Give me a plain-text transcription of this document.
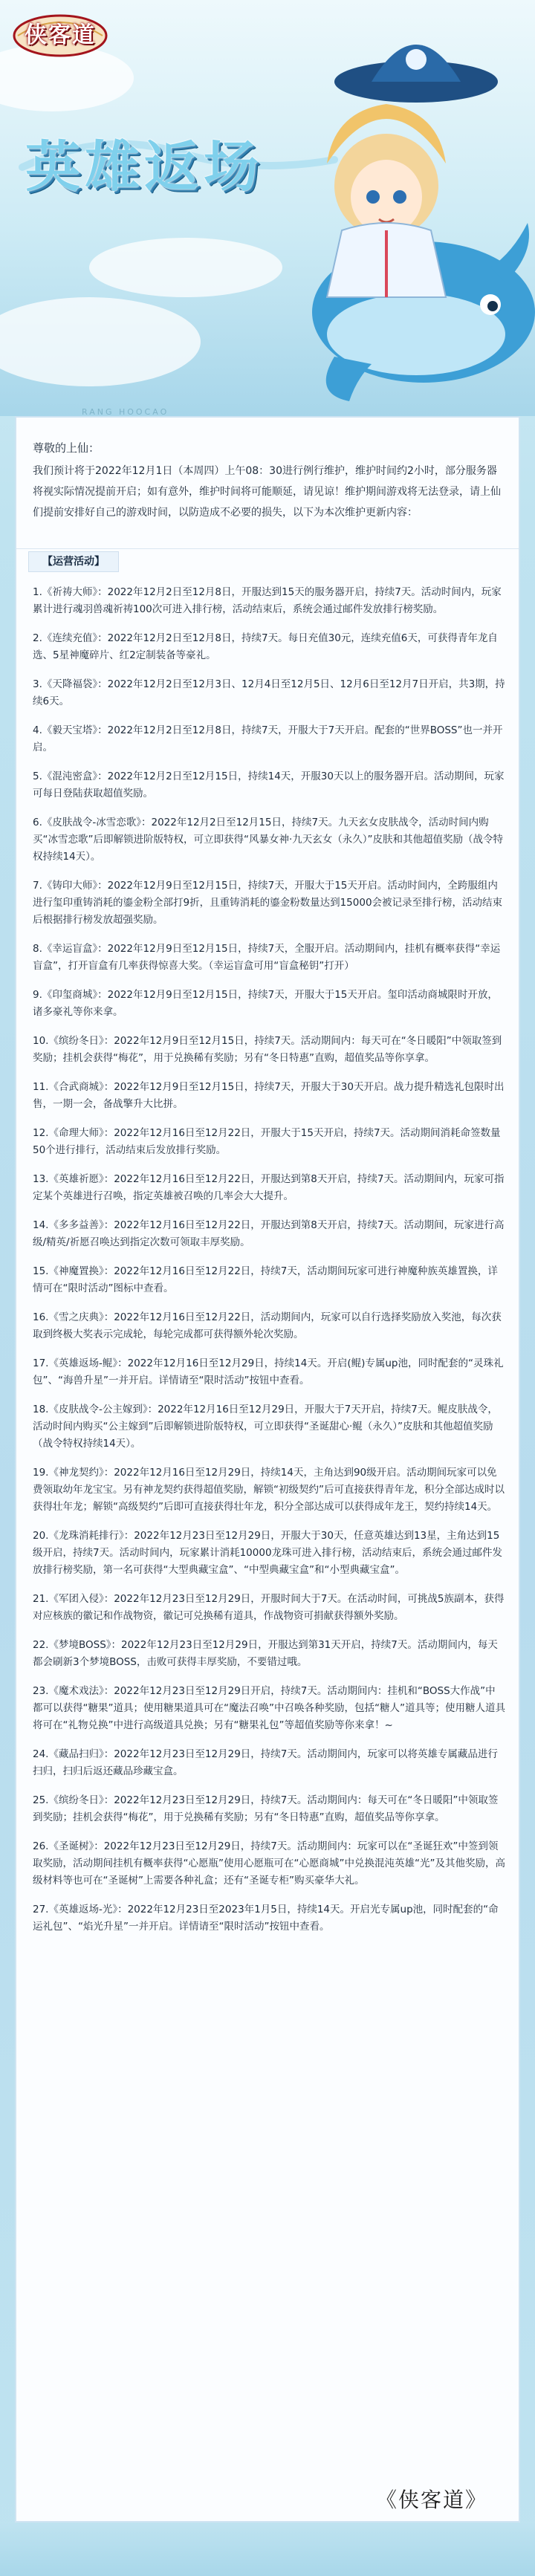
侠客道
英雄返场
RANG HOOCAO
尊敬的上仙：
我们预计将于2022年12月1日（本周四）上午08：30进行例行维护，维护时间约2小时，部分服务器将视实际情况提前开启；如有意外，维护时间将可能顺延，请见谅！维护期间游戏将无法登录，请上仙们提前安排好自己的游戏时间，以防造成不必要的损失，以下为本次维护更新内容：
【运营活动】
1.《祈祷大师》：2022年12月2日至12月8日，开服达到15天的服务器开启，持续7天。活动时间内，玩家累计进行魂羽兽魂祈祷100次可进入排行榜，活动结束后，系统会通过邮件发放排行榜奖励。
2.《连续充值》：2022年12月2日至12月8日，持续7天。每日充值30元，连续充值6天，可获得青年龙自选、5星神魔碎片、红2定制装备等豪礼。
3.《天降福袋》：2022年12月2日至12月3日、12月4日至12月5日、12月6日至12月7日开启，共3期，持续6天。
4.《毅天宝塔》：2022年12月2日至12月8日，持续7天，开服大于7天开启。配套的“世界BOSS”也一并开启。
5.《混沌密盒》：2022年12月2日至12月15日，持续14天，开服30天以上的服务器开启。活动期间，玩家可每日登陆获取超值奖励。
6.《皮肤战令-冰雪恋歌》：2022年12月2日至12月15日，持续7天。九天玄女皮肤战令，活动时间内购买“冰雪恋歌”后即解锁进阶版特权，可立即获得“风暴女神·九天玄女（永久）”皮肤和其他超值奖励（战令特权持续14天）。
7.《铸印大师》：2022年12月9日至12月15日，持续7天，开服大于15天开启。活动时间内，全跨服组内进行玺印重铸消耗的鎏金粉全部打9折，且重铸消耗的鎏金粉数量达到15000会被记录至排行榜，活动结束后根据排行榜发放超强奖励。
8.《幸运盲盒》：2022年12月9日至12月15日，持续7天，全服开启。活动期间内，挂机有概率获得“幸运盲盒”，打开盲盒有几率获得惊喜大奖。（幸运盲盒可用“盲盒秘钥”打开）
9.《印玺商城》：2022年12月9日至12月15日，持续7天，开服大于15天开启。玺印活动商城限时开放，诸多豪礼等你来拿。
10.《缤纷冬日》：2022年12月9日至12月15日，持续7天。活动期间内：每天可在“冬日暖阳”中领取签到奖励；挂机会获得“梅花”，用于兑换稀有奖励；另有“冬日特惠”直购，超值奖品等你享拿。
11.《合武商城》：2022年12月9日至12月15日，持续7天，开服大于30天开启。战力提升精选礼包限时出售，一期一会，备战擎升大比拼。
12.《命理大师》：2022年12月16日至12月22日，开服大于15天开启，持续7天。活动期间消耗命签数量50个进行排行，活动结束后发放排行奖励。
13.《英雄祈愿》：2022年12月16日至12月22日，开服达到第8天开启，持续7天。活动期间内，玩家可指定某个英雄进行召唤，指定英雄被召唤的几率会大大提升。
14.《多多益善》：2022年12月16日至12月22日，开服达到第8天开启，持续7天。活动期间，玩家进行高级/精英/祈愿召唤达到指定次数可领取丰厚奖励。
15.《神魔置换》：2022年12月16日至12月22日，持续7天，活动期间玩家可进行神魔种族英雄置换，详情可在“限时活动”图标中查看。
16.《雪之庆典》：2022年12月16日至12月22日，活动期间内，玩家可以自行选择奖励放入奖池，每次获取到终极大奖表示完成轮，每轮完成都可获得额外轮次奖励。
17.《英雄返场-鲲》：2022年12月16日至12月29日，持续14天。开启(鲲)专属up池，同时配套的“灵珠礼包”、“海兽升星”一并开启。详情请至“限时活动”按钮中查看。
18.《皮肤战令-公主嫁到》：2022年12月16日至12月29日，开服大于7天开启，持续7天。鲲皮肤战令，活动时间内购买“公主嫁到”后即解锁进阶版特权，可立即获得“圣诞甜心·鲲（永久）”皮肤和其他超值奖励（战令特权持续14天）。
19.《神龙契约》：2022年12月16日至12月29日，持续14天，主角达到90级开启。活动期间玩家可以免费领取幼年龙宝宝。另有神龙契约获得超值奖励，解锁“初级契约”后可直接获得青年龙，积分全部达成时以获得壮年龙；解锁“高级契约”后即可直接获得壮年龙，积分全部达成可以获得成年龙王，契约持续14天。
20.《龙珠消耗排行》：2022年12月23日至12月29日，开服大于30天，任意英雄达到13星，主角达到15级开启，持续7天。活动时间内，玩家累计消耗10000龙珠可进入排行榜，活动结束后，系统会通过邮件发放排行榜奖励，第一名可获得“大型典藏宝盒”、“中型典藏宝盒”和“小型典藏宝盒”。
21.《军团入侵》：2022年12月23日至12月29日，开服时间大于7天。在活动时间，可挑战5族副本，获得对应核族的徽记和作战物资，徽记可兑换稀有道具，作战物资可捐献获得额外奖励。
22.《梦境BOSS》：2022年12月23日至12月29日，开服达到第31天开启，持续7天。活动期间内，每天都会刷新3个梦境BOSS，击败可获得丰厚奖励，不要错过哦。
23.《魔术戏法》：2022年12月23日至12月29日开启，持续7天。活动期间内：挂机和“BOSS大作战”中都可以获得“糖果”道具；使用糖果道具可在“魔法召唤”中召唤各种奖励，包括“糖人”道具等；使用糖人道具将可在“礼物兑换”中进行高级道具兑换；另有“糖果礼包”等超值奖励等你来拿！~
24.《藏品扫归》：2022年12月23日至12月29日，持续7天。活动期间内，玩家可以将英雄专属藏品进行扫归，扫归后返还藏品珍藏宝盒。
25.《缤纷冬日》：2022年12月23日至12月29日，持续7天。活动期间内：每天可在“冬日暖阳”中领取签到奖励；挂机会获得“梅花”，用于兑换稀有奖励；另有“冬日特惠”直购，超值奖品等你享拿。
26.《圣诞树》：2022年12月23日至12月29日，持续7天。活动期间内：玩家可以在“圣诞狂欢”中签到领取奖励，活动期间挂机有概率获得“心愿瓶”使用心愿瓶可在“心愿商城”中兑换混沌英雄“光”及其他奖励，高级材料等也可在“圣诞树”上需要各种礼盒；还有“圣诞专柜”购买豪华大礼。
27.《英雄返场-光》：2022年12月23日至2023年1月5日，持续14天。开启光专属up池，同时配套的“命运礼包”、“焰光升星”一并开启。详情请至“限时活动”按钮中查看。
《侠客道》
